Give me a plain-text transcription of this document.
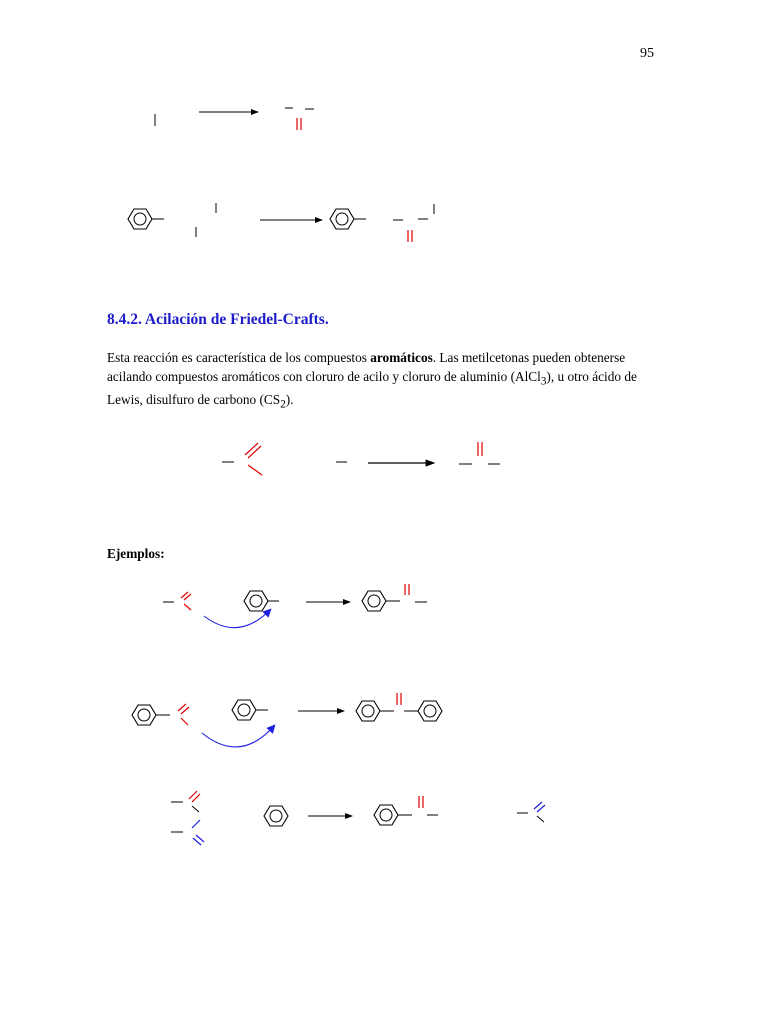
95
8.4.2. Acilación de Friedel-Crafts.

Esta reacción es característica de los compuestos aromáticos. Las metilcetonas pueden obtenerse acilando compuestos aromáticos con cloruro de acilo y cloruro de aluminio (AlCl$_3$), u otro ácido de Lewis, disulfuro de carbono $(CS_2)$.

Ejemplos:
